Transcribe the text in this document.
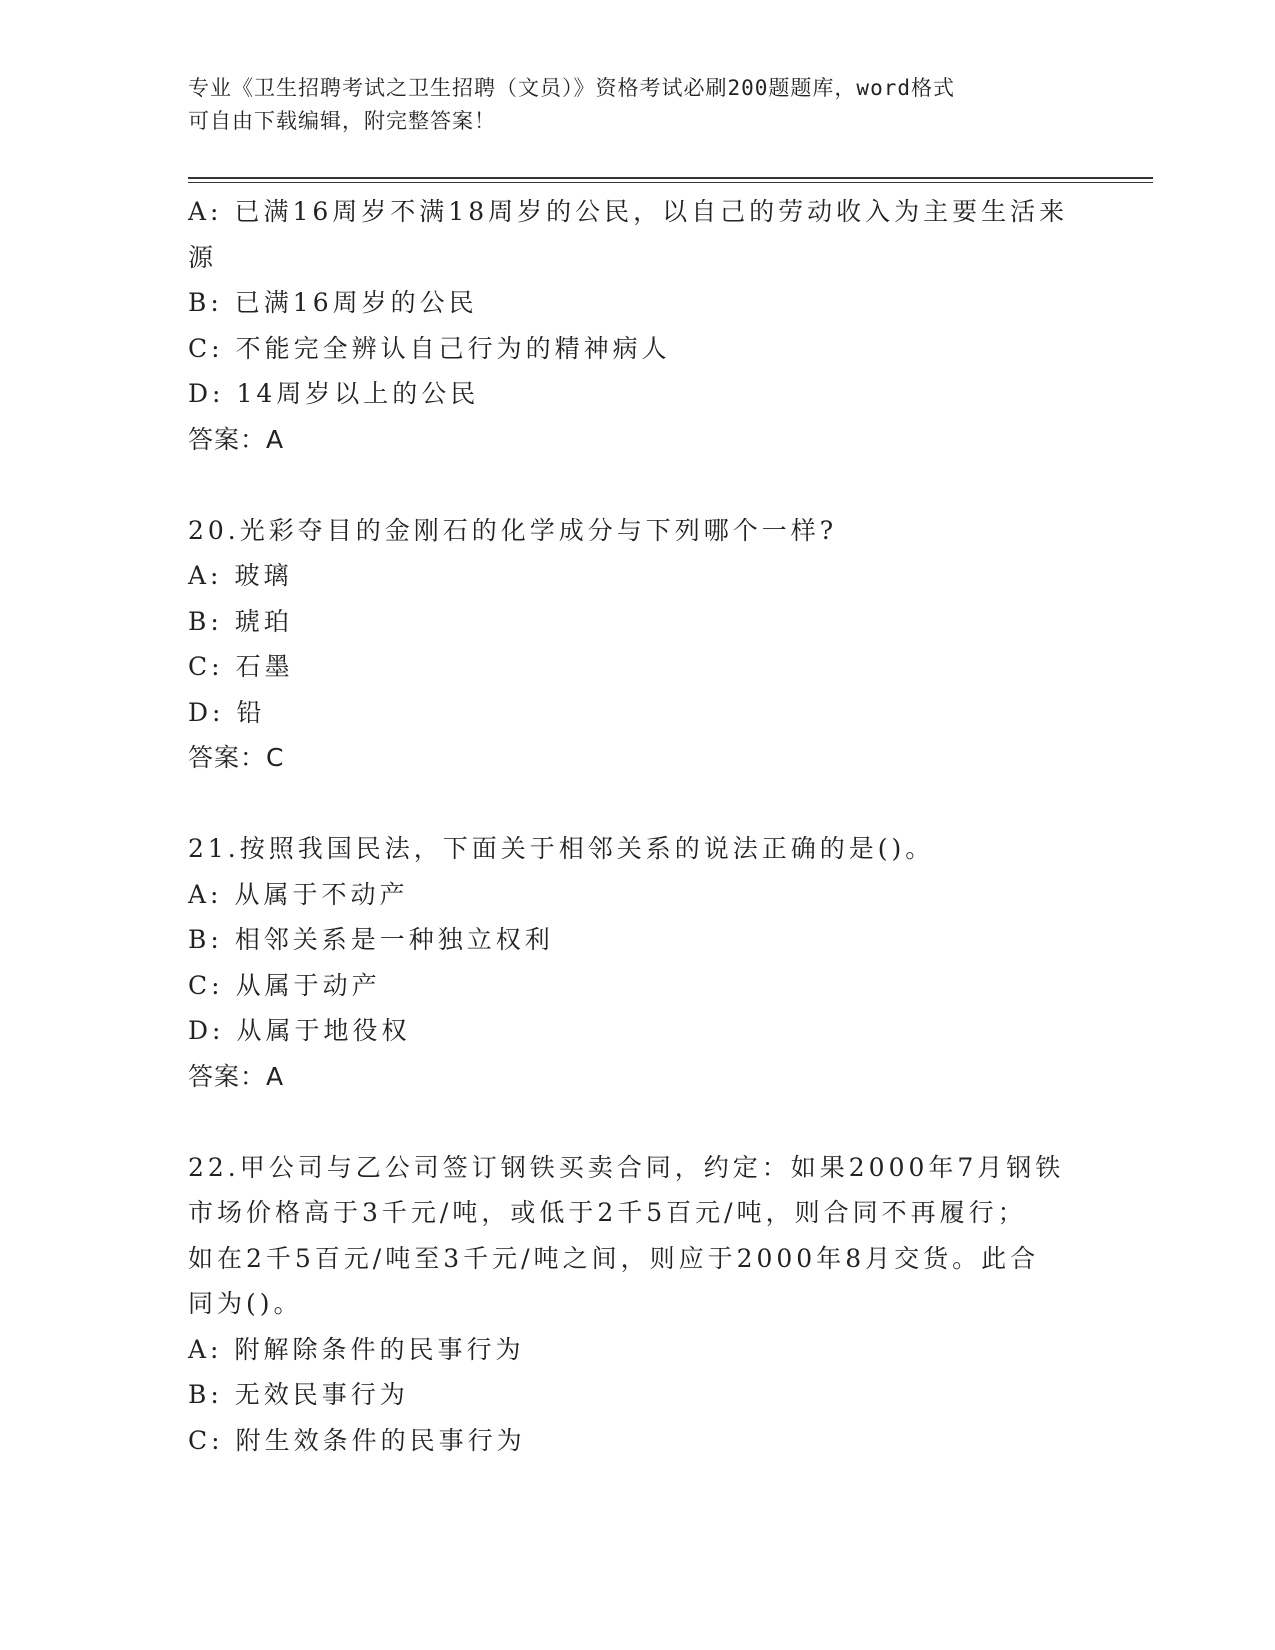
专业《卫生招聘考试之卫生招聘（文员）》资格考试必刷200题题库，word格式
可自由下载编辑，附完整答案！
A: 已满16周岁不满18周岁的公民，以自己的劳动收入为主要生活来
源
B: 已满16周岁的公民
C: 不能完全辨认自己行为的精神病人
D: 14周岁以上的公民
答案：A
20.光彩夺目的金刚石的化学成分与下列哪个一样?
A: 玻璃
B: 琥珀
C: 石墨
D: 铅
答案：C
21.按照我国民法，下面关于相邻关系的说法正确的是()。
A: 从属于不动产
B: 相邻关系是一种独立权利
C: 从属于动产
D: 从属于地役权
答案：A
22.甲公司与乙公司签订钢铁买卖合同，约定：如果2000年7月钢铁
市场价格高于3千元/吨，或低于2千5百元/吨，则合同不再履行；
如在2千5百元/吨至3千元/吨之间，则应于2000年8月交货。此合
同为()。
A: 附解除条件的民事行为
B: 无效民事行为
C: 附生效条件的民事行为
